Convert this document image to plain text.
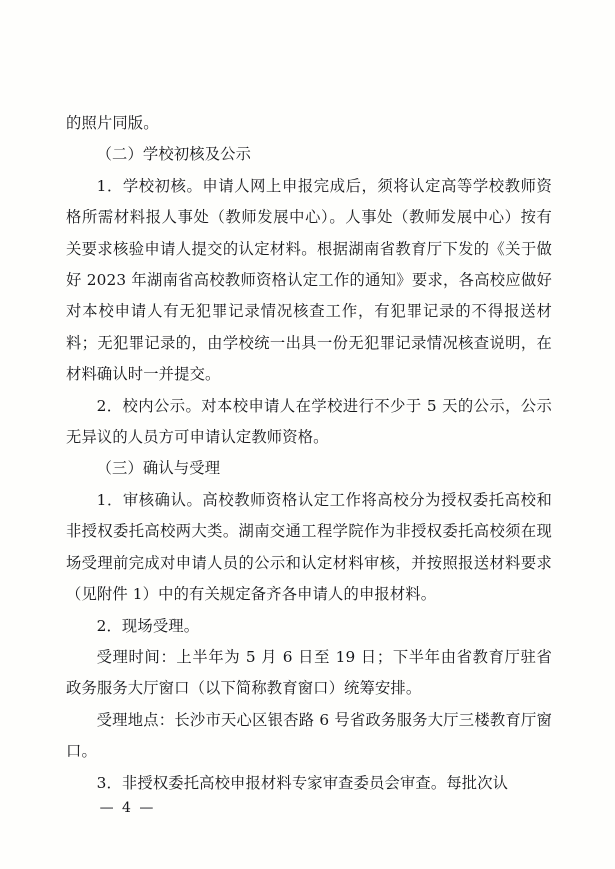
的照片同版。

（二）学校初核及公示

1．学校初核。申请人网上申报完成后，须将认定高等学校教师资格所需材料报人事处（教师发展中心）。人事处（教师发展中心）按有关要求核验申请人提交的认定材料。根据湖南省教育厅下发的《关于做好 2023 年湖南省高校教师资格认定工作的通知》要求，各高校应做好对本校申请人有无犯罪记录情况核查工作，有犯罪记录的不得报送材料；无犯罪记录的，由学校统一出具一份无犯罪记录情况核查说明，在材料确认时一并提交。

2．校内公示。对本校申请人在学校进行不少于 5 天的公示，公示无异议的人员方可申请认定教师资格。

（三）确认与受理

1．审核确认。高校教师资格认定工作将高校分为授权委托高校和非授权委托高校两大类。湖南交通工程学院作为非授权委托高校须在现场受理前完成对申请人员的公示和认定材料审核，并按照报送材料要求（见附件 1）中的有关规定备齐各申请人的申报材料。

2．现场受理。

受理时间：上半年为 5 月 6 日至 19 日；下半年由省教育厅驻省政务服务大厅窗口（以下简称教育窗口）统筹安排。

受理地点：长沙市天心区银杏路 6 号省政务服务大厅三楼教育厅窗口。

3．非授权委托高校申报材料专家审查委员会审查。每批次认

— 4 —
